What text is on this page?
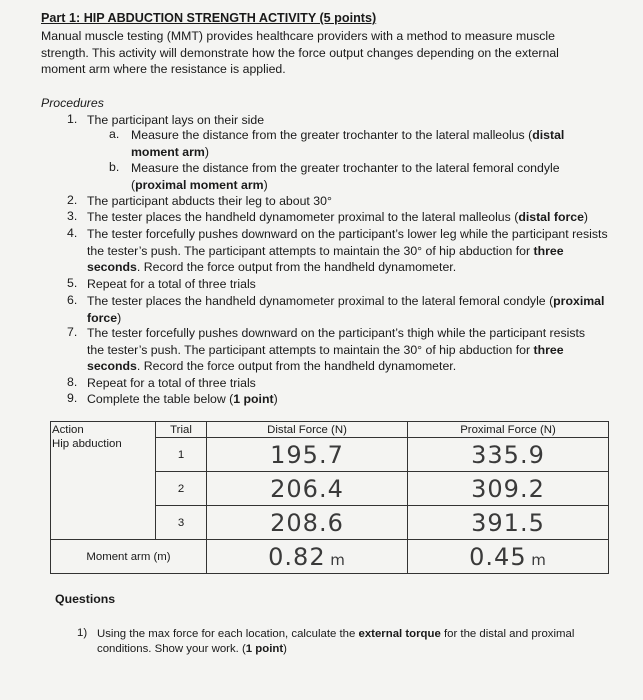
Part 1: HIP ABDUCTION STRENGTH ACTIVITY (5 points)
Manual muscle testing (MMT) provides healthcare providers with a method to measure muscle strength. This activity will demonstrate how the force output changes depending on the external moment arm where the resistance is applied.
Procedures
1. The participant lays on their side
a. Measure the distance from the greater trochanter to the lateral malleolus (distal moment arm)
b. Measure the distance from the greater trochanter to the lateral femoral condyle (proximal moment arm)
2. The participant abducts their leg to about 30°
3. The tester places the handheld dynamometer proximal to the lateral malleolus (distal force)
4. The tester forcefully pushes downward on the participant’s lower leg while the participant resists the tester’s push. The participant attempts to maintain the 30° of hip abduction for three seconds. Record the force output from the handheld dynamometer.
5. Repeat for a total of three trials
6. The tester places the handheld dynamometer proximal to the lateral femoral condyle (proximal force)
7. The tester forcefully pushes downward on the participant’s thigh while the participant resists the tester’s push. The participant attempts to maintain the 30° of hip abduction for three seconds. Record the force output from the handheld dynamometer.
8. Repeat for a total of three trials
9. Complete the table below (1 point)
Action	Trial	Distal Force (N)	Proximal Force (N)
Hip abduction	1	195.7	335.9
	2	206.4	309.2
	3	208.6	391.5
Moment arm (m)		0.82 m	0.45 m
Questions
1) Using the max force for each location, calculate the external torque for the distal and proximal conditions. Show your work. (1 point)
